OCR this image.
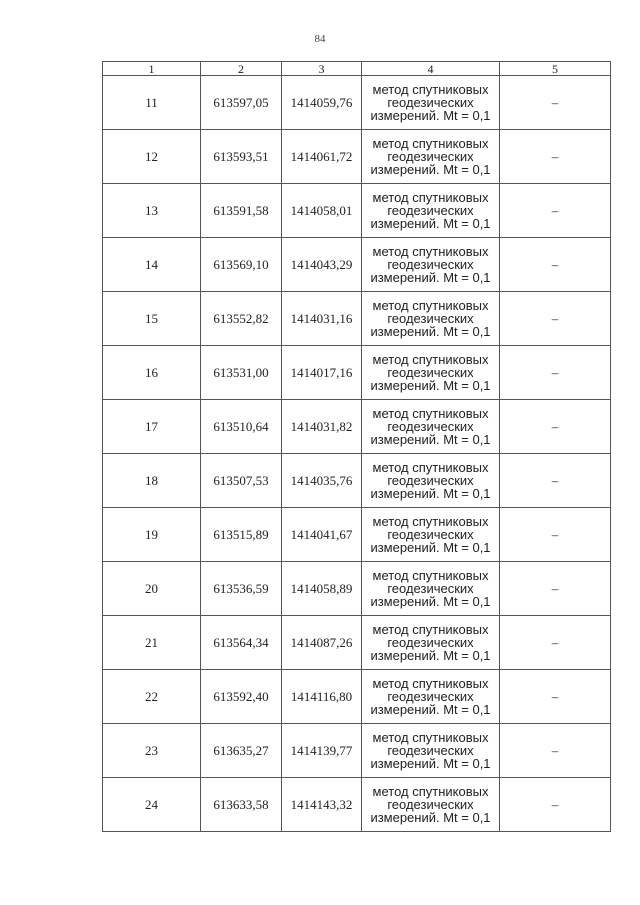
84
1	2	3	4	5
11	613597,05	1414059,76	метод спутниковых
геодезических
измерений. Mt = 0,1	–
12	613593,51	1414061,72	метод спутниковых
геодезических
измерений. Mt = 0,1	–
13	613591,58	1414058,01	метод спутниковых
геодезических
измерений. Mt = 0,1	–
14	613569,10	1414043,29	метод спутниковых
геодезических
измерений. Mt = 0,1	–
15	613552,82	1414031,16	метод спутниковых
геодезических
измерений. Mt = 0,1	–
16	613531,00	1414017,16	метод спутниковых
геодезических
измерений. Mt = 0,1	–
17	613510,64	1414031,82	метод спутниковых
геодезических
измерений. Mt = 0,1	–
18	613507,53	1414035,76	метод спутниковых
геодезических
измерений. Mt = 0,1	–
19	613515,89	1414041,67	метод спутниковых
геодезических
измерений. Mt = 0,1	–
20	613536,59	1414058,89	метод спутниковых
геодезических
измерений. Mt = 0,1	–
21	613564,34	1414087,26	метод спутниковых
геодезических
измерений. Mt = 0,1	–
22	613592,40	1414116,80	метод спутниковых
геодезических
измерений. Mt = 0,1	–
23	613635,27	1414139,77	метод спутниковых
геодезических
измерений. Mt = 0,1	–
24	613633,58	1414143,32	метод спутниковых
геодезических
измерений. Mt = 0,1	–
